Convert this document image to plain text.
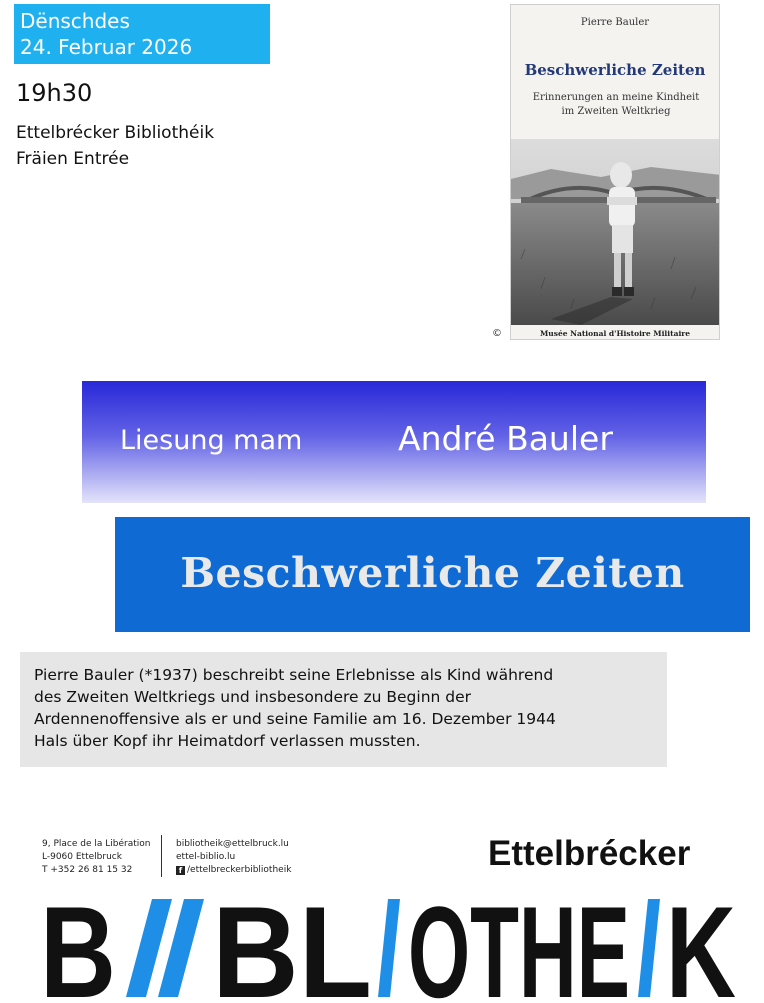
Dënschdes
24. Februar 2026
19h30
Ettelbrécker Bibliothéik
Fräien Entrée
Pierre Bauler
Beschwerliche Zeiten
Erinnerungen an meine Kindheit im Zweiten Weltkrieg
Musée National d'Histoire Militaire
©
Liesung mam	André Bauler
Beschwerliche Zeiten
Pierre Bauler (*1937) beschreibt seine Erlebnisse als Kind während
des Zweiten Weltkriegs und insbesondere zu Beginn der
Ardennenoffensive als er und seine Familie am 16. Dezember 1944
Hals über Kopf ihr Heimatdorf verlassen mussten.
9, Place de la Libération
L-9060 Ettelbruck
T +352 26 81 15 32
bibliotheik@ettelbruck.lu
ettel-biblio.lu
f /ettelbreckerbibliotheik	Ettelbrécker
B BL OTHE K
